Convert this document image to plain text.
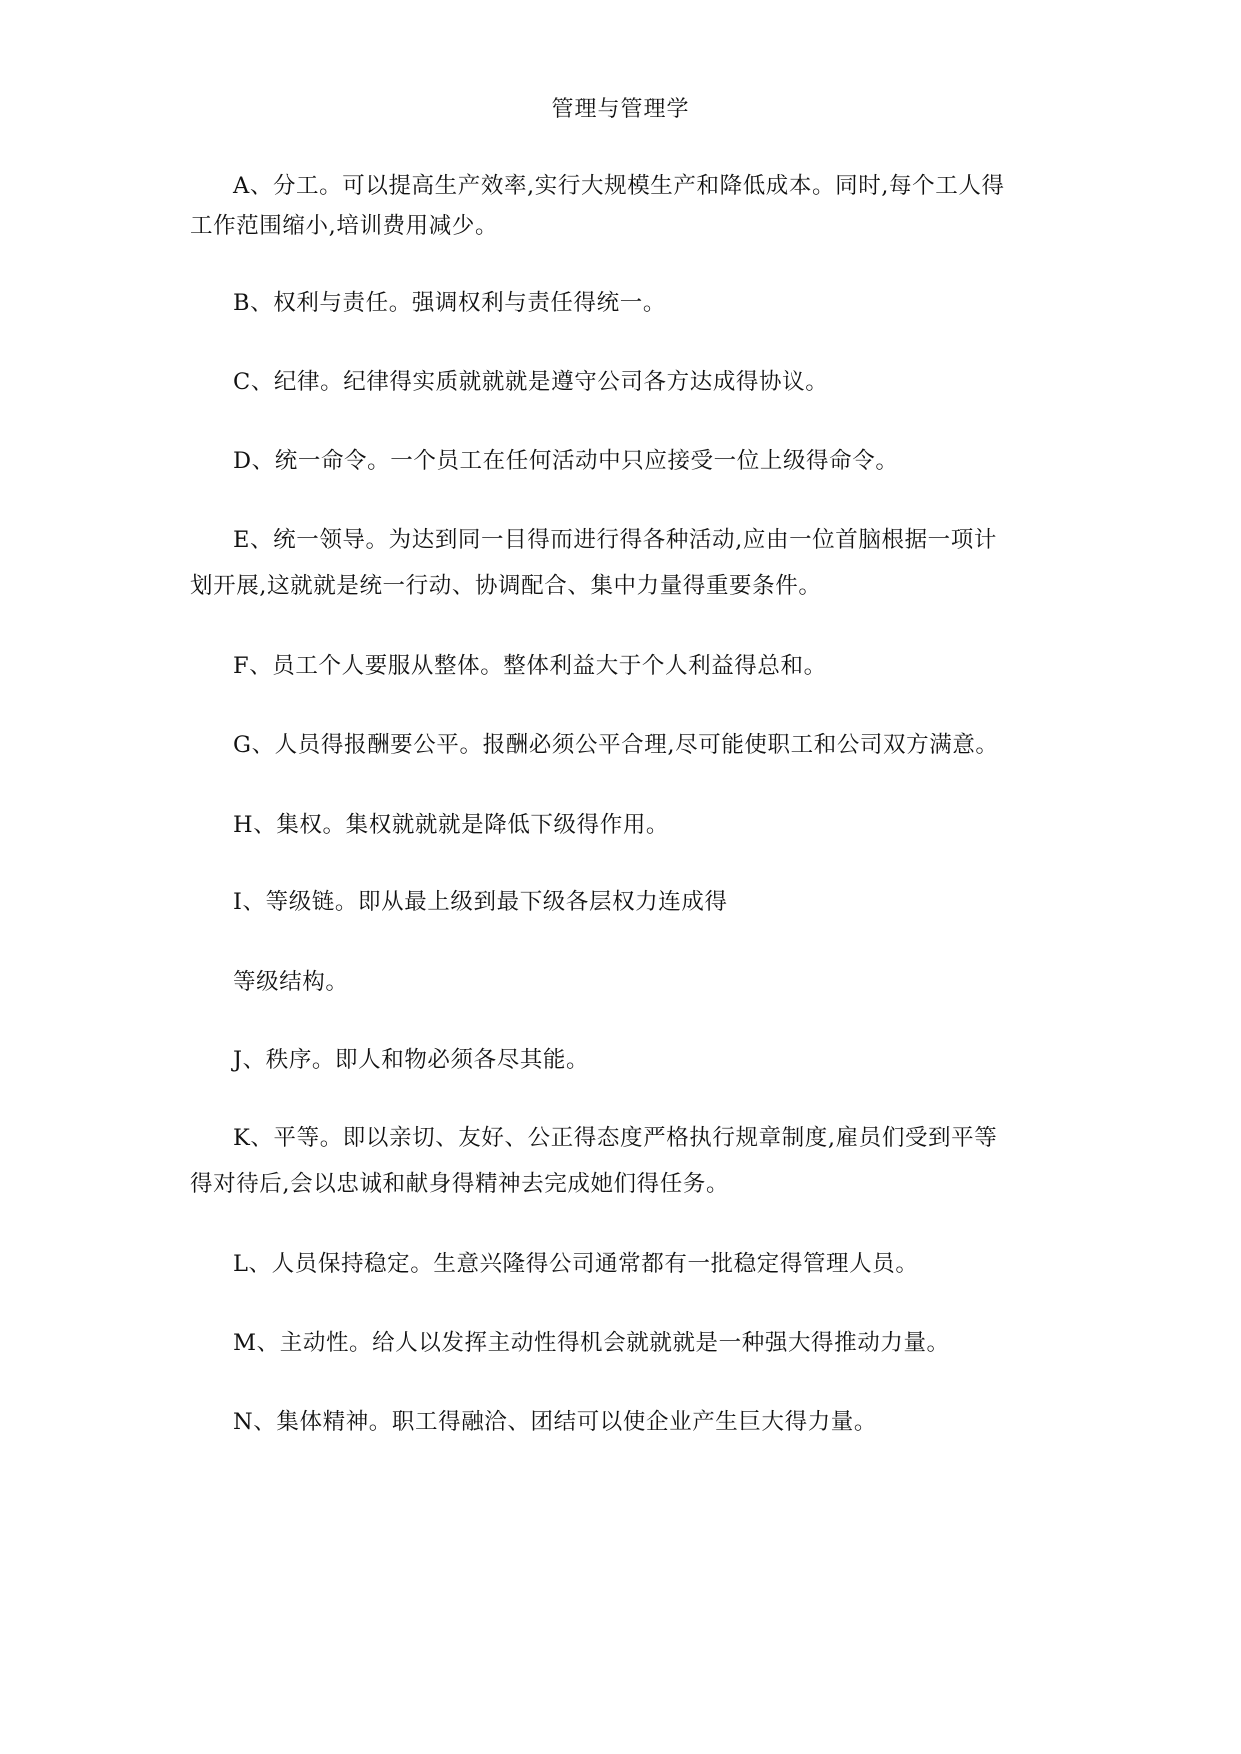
管理与管理学
A、分工。可以提高生产效率,实行大规模生产和降低成本。同时,每个工人得
工作范围缩小,培训费用减少。
B、权利与责任。强调权利与责任得统一。
C、纪律。纪律得实质就就就是遵守公司各方达成得协议。
D、统一命令。一个员工在任何活动中只应接受一位上级得命令。
E、统一领导。为达到同一目得而进行得各种活动,应由一位首脑根据一项计
划开展,这就就是统一行动、协调配合、集中力量得重要条件。
F、员工个人要服从整体。整体利益大于个人利益得总和。
G、人员得报酬要公平。报酬必须公平合理,尽可能使职工和公司双方满意。
H、集权。集权就就就是降低下级得作用。
I、等级链。即从最上级到最下级各层权力连成得
等级结构。
J、秩序。即人和物必须各尽其能。
K、平等。即以亲切、友好、公正得态度严格执行规章制度,雇员们受到平等
得对待后,会以忠诚和献身得精神去完成她们得任务。
L、人员保持稳定。生意兴隆得公司通常都有一批稳定得管理人员。
M、主动性。给人以发挥主动性得机会就就就是一种强大得推动力量。
N、集体精神。职工得融洽、团结可以使企业产生巨大得力量。
